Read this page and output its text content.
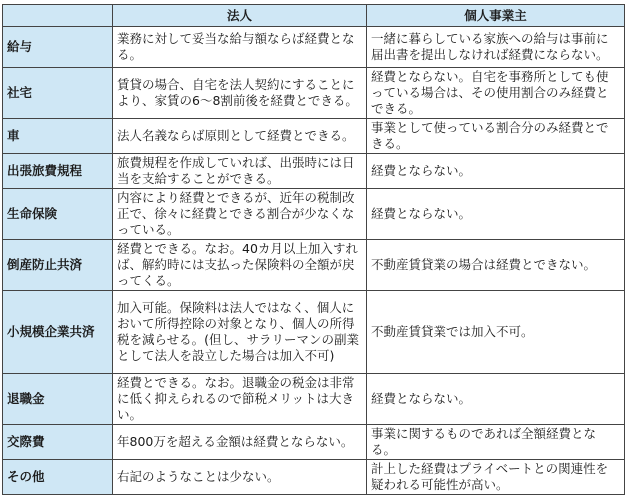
	法人	個人事業主
給与	業務に対して妥当な給与額ならば経費となる。	一緒に暮らしている家族への給与は事前に届出書を提出しなければ経費にならない。
社宅	賃貸の場合、自宅を法人契約にすることにより、家賃の6～8割前後を経費とできる。	経費とならない。自宅を事務所としても使っている場合は、その使用割合のみ経費とできる。
車	法人名義ならば原則として経費とできる。	事業として使っている割合分のみ経費とできる。
出張旅費規程	旅費規程を作成していれば、出張時には日当を支給することができる。	経費とならない。
生命保険	内容により経費とできるが、近年の税制改正で、徐々に経費とできる割合が少なくなっている。	経費とならない。
倒産防止共済	経費とできる。なお。40カ月以上加入すれば、解約時には支払った保険料の全額が戻ってくる。	不動産賃貸業の場合は経費とできない。
小規模企業共済	加入可能。保険料は法人ではなく、個人において所得控除の対象となり、個人の所得税を減らせる。(但し、サラリーマンの副業として法人を設立した場合は加入不可)	不動産賃貸業では加入不可。
退職金	経費とできる。なお。退職金の税金は非常に低く抑えられるので節税メリットは大きい。	経費とならない。
交際費	年800万を超える金額は経費とならない。	事業に関するものであれば全額経費となる。
その他	右記のようなことは少ない。	計上した経費はプライベートとの関連性を疑われる可能性が高い。
